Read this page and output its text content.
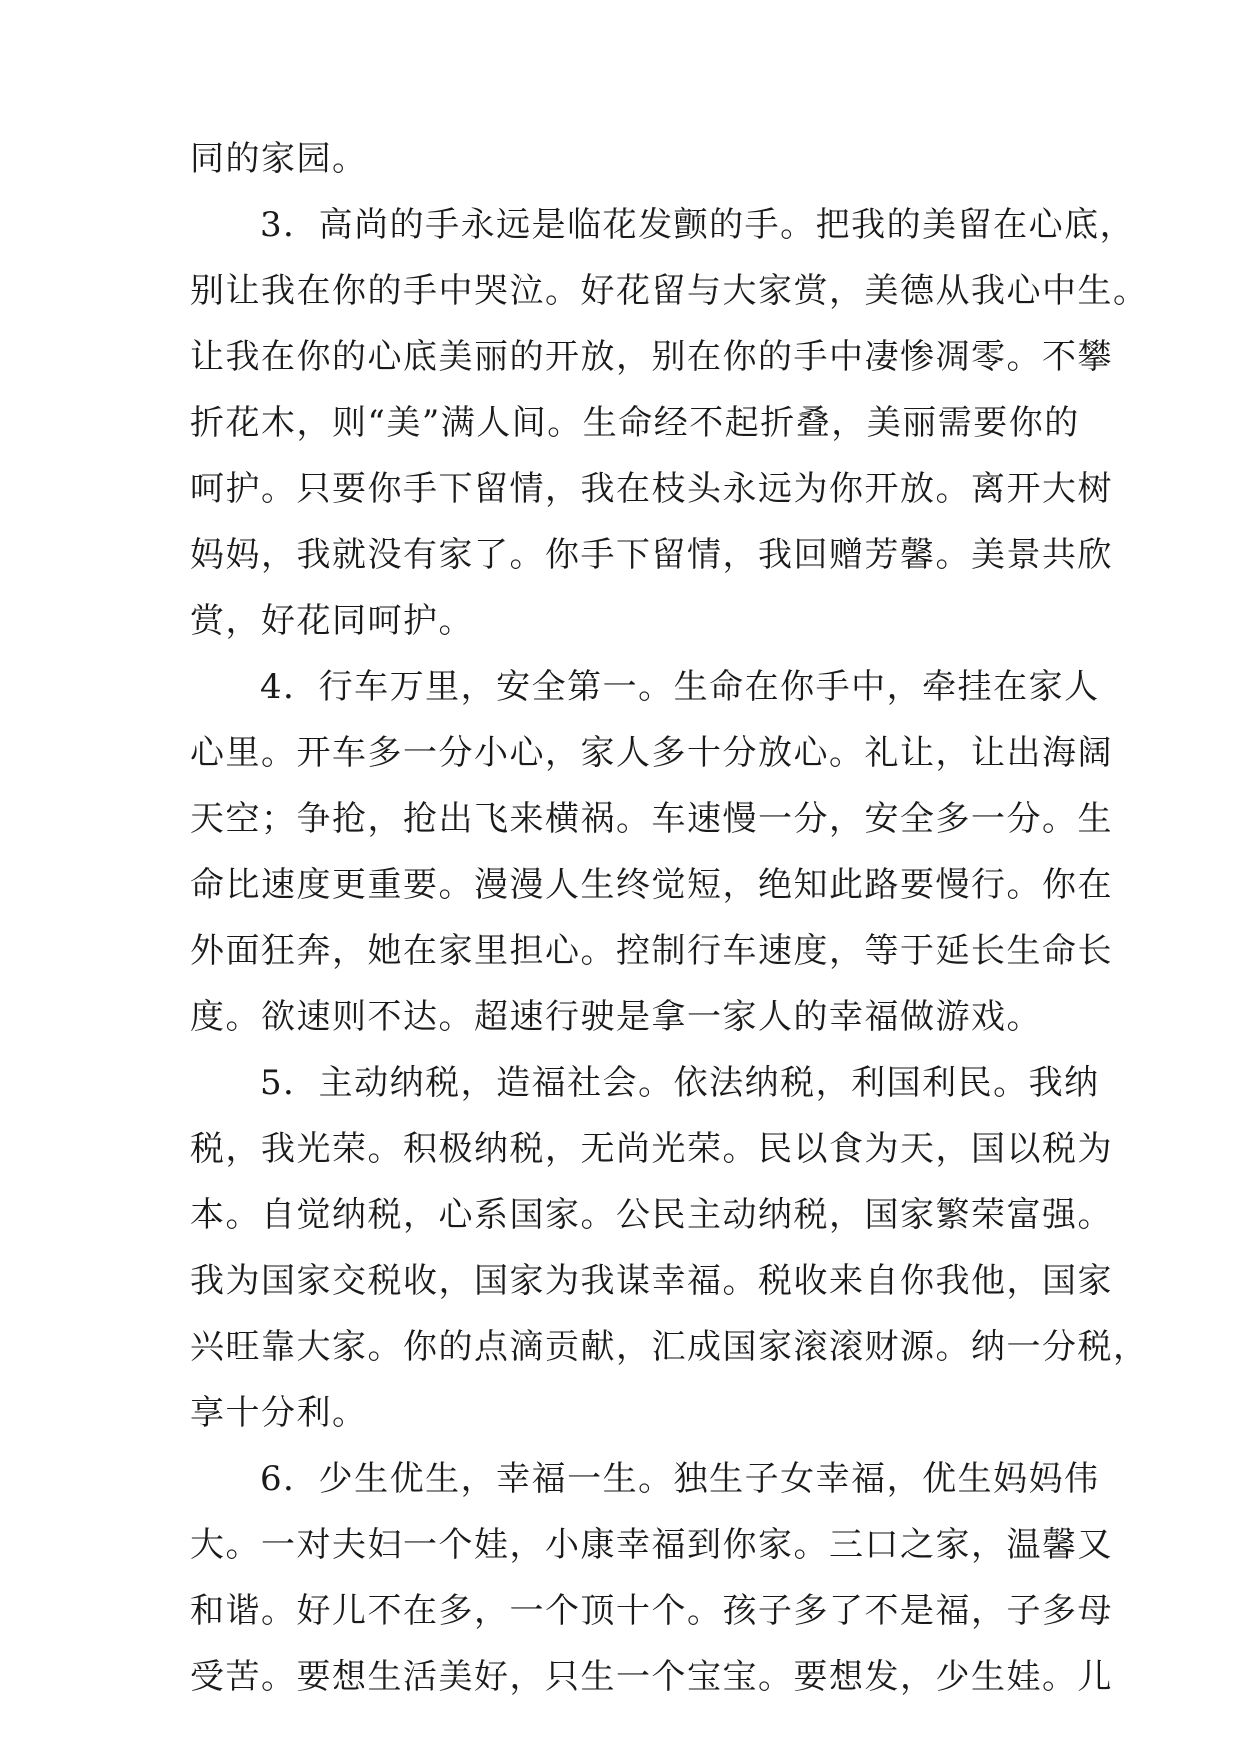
同的家园。
3．高尚的手永远是临花发颤的手。把我的美留在心底，
别让我在你的手中哭泣。好花留与大家赏，美德从我心中生。
让我在你的心底美丽的开放，别在你的手中凄惨凋零。不攀
折花木，则“美”满人间。生命经不起折叠，美丽需要你的
呵护。只要你手下留情，我在枝头永远为你开放。离开大树
妈妈，我就没有家了。你手下留情，我回赠芳馨。美景共欣
赏，好花同呵护。
4．行车万里，安全第一。生命在你手中，牵挂在家人
心里。开车多一分小心，家人多十分放心。礼让，让出海阔
天空；争抢，抢出飞来横祸。车速慢一分，安全多一分。生
命比速度更重要。漫漫人生终觉短，绝知此路要慢行。你在
外面狂奔，她在家里担心。控制行车速度，等于延长生命长
度。欲速则不达。超速行驶是拿一家人的幸福做游戏。
5．主动纳税，造福社会。依法纳税，利国利民。我纳
税，我光荣。积极纳税，无尚光荣。民以食为天，国以税为
本。自觉纳税，心系国家。公民主动纳税，国家繁荣富强。
我为国家交税收，国家为我谋幸福。税收来自你我他，国家
兴旺靠大家。你的点滴贡献，汇成国家滚滚财源。纳一分税，
享十分利。
6．少生优生，幸福一生。独生子女幸福，优生妈妈伟
大。一对夫妇一个娃，小康幸福到你家。三口之家，温馨又
和谐。好儿不在多，一个顶十个。孩子多了不是福，子多母
受苦。要想生活美好，只生一个宝宝。要想发，少生娃。儿
